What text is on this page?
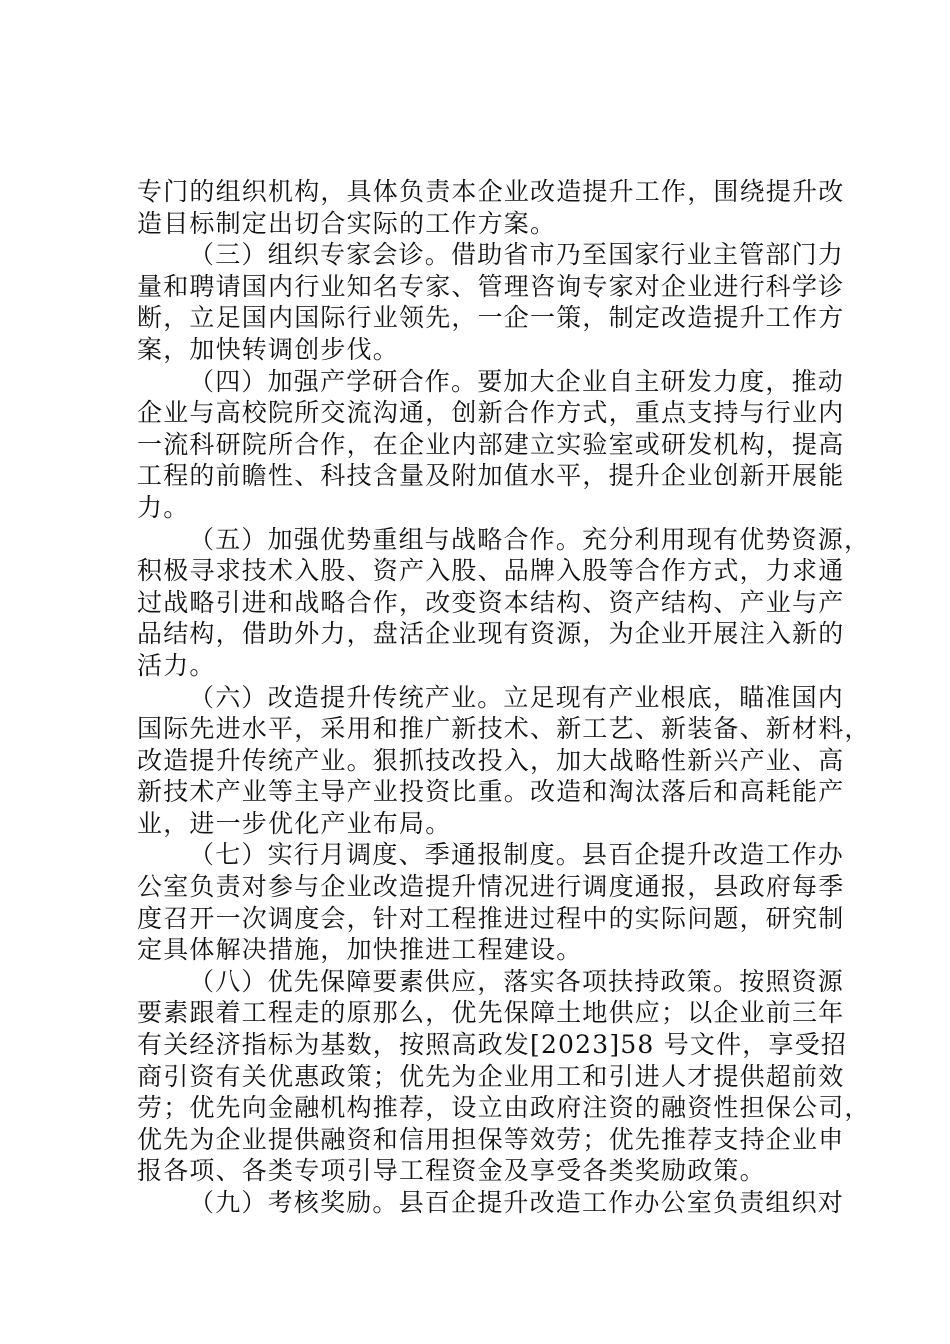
专门的组织机构，具体负责本企业改造提升工作，围绕提升改
造目标制定出切合实际的工作方案。
（三）组织专家会诊。借助省市乃至国家行业主管部门力
量和聘请国内行业知名专家、管理咨询专家对企业进行科学诊
断，立足国内国际行业领先，一企一策，制定改造提升工作方
案，加快转调创步伐。
（四）加强产学研合作。要加大企业自主研发力度，推动
企业与高校院所交流沟通，创新合作方式，重点支持与行业内
一流科研院所合作，在企业内部建立实验室或研发机构，提高
工程的前瞻性、科技含量及附加值水平，提升企业创新开展能
力。
（五）加强优势重组与战略合作。充分利用现有优势资源，
积极寻求技术入股、资产入股、品牌入股等合作方式，力求通
过战略引进和战略合作，改变资本结构、资产结构、产业与产
品结构，借助外力，盘活企业现有资源，为企业开展注入新的
活力。
（六）改造提升传统产业。立足现有产业根底，瞄准国内
国际先进水平，采用和推广新技术、新工艺、新装备、新材料，
改造提升传统产业。狠抓技改投入，加大战略性新兴产业、高
新技术产业等主导产业投资比重。改造和淘汰落后和高耗能产
业，进一步优化产业布局。
（七）实行月调度、季通报制度。县百企提升改造工作办
公室负责对参与企业改造提升情况进行调度通报，县政府每季
度召开一次调度会，针对工程推进过程中的实际问题，研究制
定具体解决措施，加快推进工程建设。
（八）优先保障要素供应，落实各项扶持政策。按照资源
要素跟着工程走的原那么，优先保障土地供应；以企业前三年
有关经济指标为基数，按照高政发[2023]58 号文件，享受招
商引资有关优惠政策；优先为企业用工和引进人才提供超前效
劳；优先向金融机构推荐，设立由政府注资的融资性担保公司，
优先为企业提供融资和信用担保等效劳；优先推荐支持企业申
报各项、各类专项引导工程资金及享受各类奖励政策。
（九）考核奖励。县百企提升改造工作办公室负责组织对
